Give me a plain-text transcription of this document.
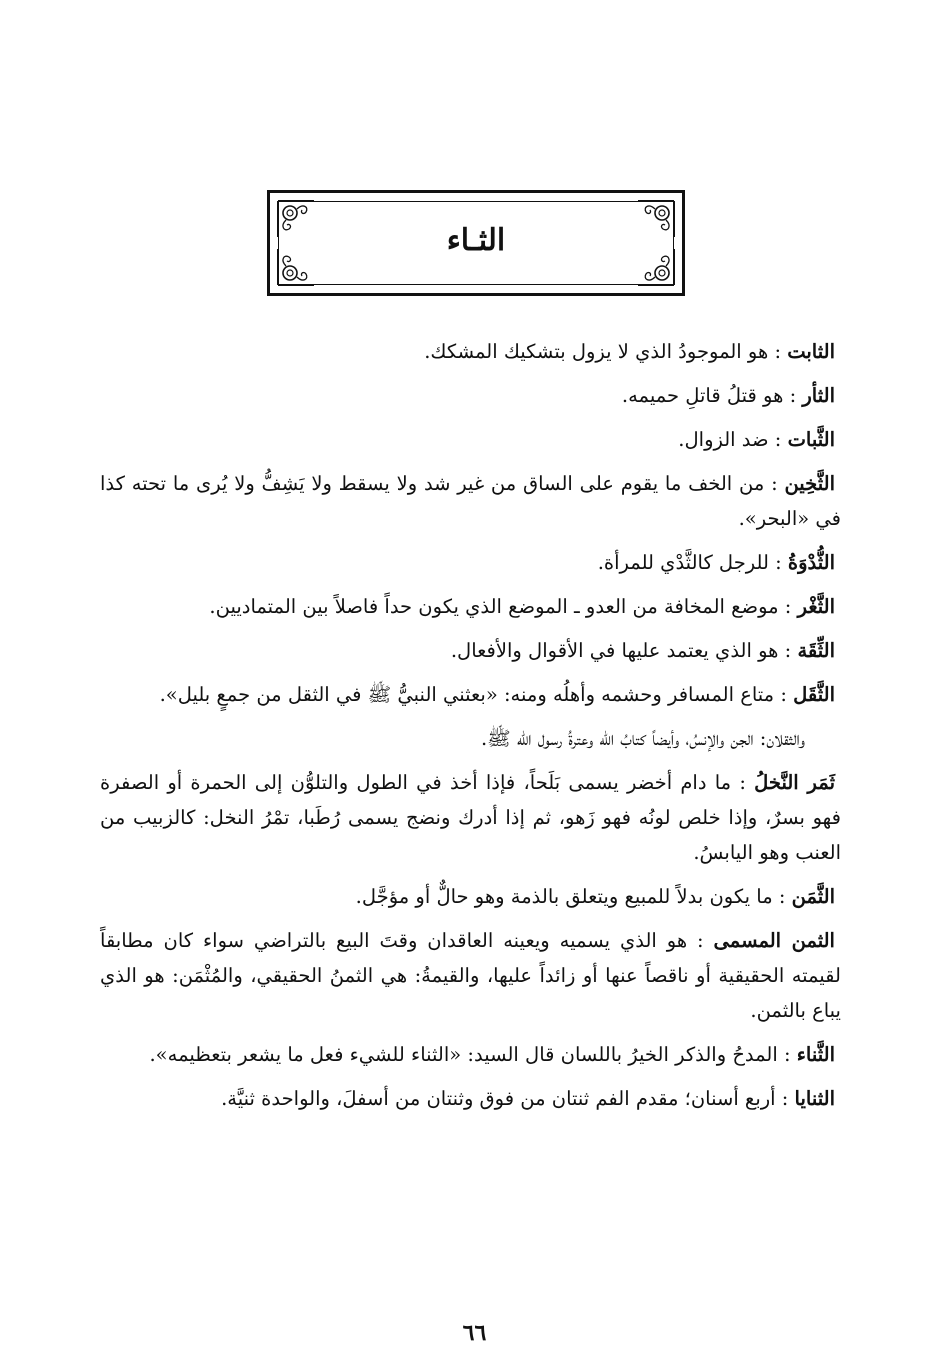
الثـاء

الثابت : هو الموجودُ الذي لا يزول بتشكيك المشكك.

الثأر : هو قتلُ قاتلِ حميمه.

الثَّبات : ضد الزوال.

الثَّخِين : من الخف ما يقوم على الساق من غير شد ولا يسقط ولا يَشِفُّ ولا يُرى ما تحته كذا في «البحر».

الثُّدْوَةُ : للرجل كالثَّدْي للمرأة.

الثَّغْر : موضع المخافة من العدو ـ الموضع الذي يكون حداً فاصلاً بين المتماديين.

الثِّقَة : هو الذي يعتمد عليها في الأقوال والأفعال.

الثَّقَل : متاع المسافر وحشمه وأهلُه ومنه: «بعثني النبيُّ ﷺ في الثقل من جمعٍ بليل».

والثقلان: الجن والإنسُ، وأيضاً كتابُ الله وعترةُ رسول الله ﷺ.

ثَمَر النَّخلُ : ما دام أخضر يسمى بَلَحاً، فإذا أخذ في الطول والتلوُّن إلى الحمرة أو الصفرة فهو بسرٌ، وإذا خلص لونُه فهو زَهو، ثم إذا أدرك ونضج يسمى رُطَبا، تمْرُ النخل: كالزبيب من العنب وهو اليابسُ.

الثَّمَن : ما يكون بدلاً للمبيع ويتعلق بالذمة وهو حالٌّ أو مؤجَّل.

الثمن المسمى : هو الذي يسميه ويعينه العاقدان وقتَ البيع بالتراضي سواء كان مطابقاً لقيمته الحقيقية أو ناقصاً عنها أو زائداً عليها، والقيمةُ: هي الثمنُ الحقيقي، والمُثْمَن: هو الذي يباع بالثمن.

الثَّناء : المدحُ والذكر الخيرُ باللسان قال السيد: «الثناء للشيء فعل ما يشعر بتعظيمه».

الثنايا : أربع أسنان؛ مقدم الفم ثنتان من فوق وثنتان من أسفلَ، والواحدة ثنيَّة.

٦٦
